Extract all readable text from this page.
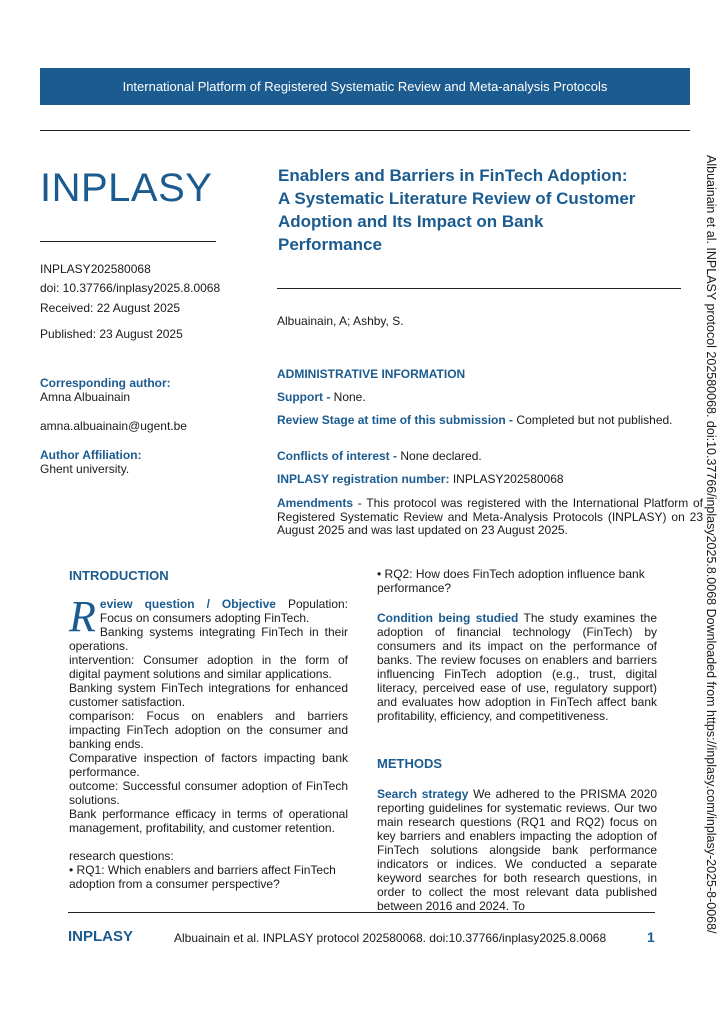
International Platform of Registered Systematic Review and Meta-analysis Protocols
INPLASY
INPLASY202580068
doi: 10.37766/inplasy2025.8.0068
Received: 22 August 2025
Published: 23 August 2025
Corresponding author:
Amna Albuainain
amna.albuainain@ugent.be
Author Affiliation:
Ghent university.
Enablers and Barriers in FinTech Adoption:
A Systematic Literature Review of Customer
Adoption and Its Impact on Bank
Performance
Albuainain, A; Ashby, S.	Albuainain et al. INPLASY protocol 202580068. doi:10.37766/inplasy2025.8.0068 Downloaded from https://inplasy.com/inplasy-2025-8-0068/
ADMINISTRATIVE INFORMATION
Support - None.
Review Stage at time of this submission - Completed but not published.
Conflicts of interest - None declared.
INPLASY registration number: INPLASY202580068
Amendments - This protocol was registered with the International Platform of Registered Systematic Review and Meta-Analysis Protocols (INPLASY) on 23 August 2025 and was last updated on 23 August 2025.
INTRODUCTION

Review question / Objective Population: Focus on consumers adopting FinTech.

Banking systems integrating FinTech in their operations.

intervention: Consumer adoption in the form of digital payment solutions and similar applications.

Banking system FinTech integrations for enhanced customer satisfaction.

comparison: Focus on enablers and barriers impacting FinTech adoption on the consumer and banking ends.

Comparative inspection of factors impacting bank performance.

outcome: Successful consumer adoption of FinTech solutions.

Bank performance efficacy in terms of operational management, profitability, and customer retention.

research questions:

• RQ1: Which enablers and barriers affect FinTech adoption from a consumer perspective?

• RQ2: How does FinTech adoption influence bank performance?
Condition being studied The study examines the adoption of financial technology (FinTech) by consumers and its impact on the performance of banks. The review focuses on enablers and barriers influencing FinTech adoption (e.g., trust, digital literacy, perceived ease of use, regulatory support) and evaluates how adoption in FinTech affect bank profitability, efficiency, and competitiveness.
METHODS
Search strategy We adhered to the PRISMA 2020 reporting guidelines for systematic reviews. Our two main research questions (RQ1 and RQ2) focus on key barriers and enablers impacting the adoption of FinTech solutions alongside bank performance indicators or indices. We conducted a separate keyword searches for both research questions, in order to collect the most relevant data published between 2016 and 2024. To
INPLASY	Albuainain et al. INPLASY protocol 202580068. doi:10.37766/inplasy2025.8.0068	1
